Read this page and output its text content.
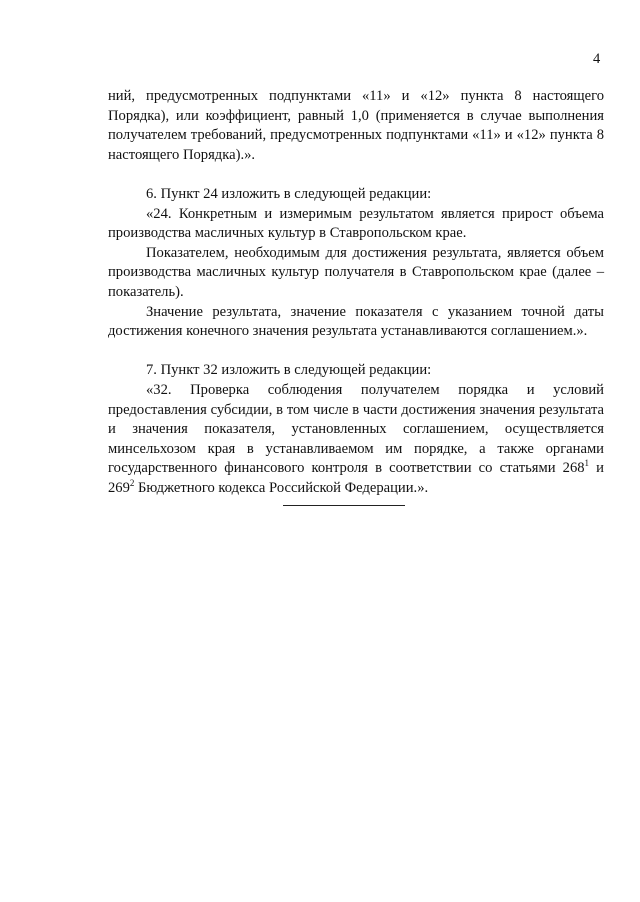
4

ний, предусмотренных подпунктами «11» и «12» пункта 8 настоящего Порядка), или коэффициент, равный 1,0 (применяется в случае выполнения получателем требований, предусмотренных подпунктами «11» и «12» пункта 8 настоящего Порядка).».

6. Пункт 24 изложить в следующей редакции:

«24. Конкретным и измеримым результатом является прирост объема производства масличных культур в Ставропольском крае.

Показателем, необходимым для достижения результата, является объем производства масличных культур получателя в Ставропольском крае (далее – показатель).

Значение результата, значение показателя с указанием точной даты достижения конечного значения результата устанавливаются соглашением.».

7. Пункт 32 изложить в следующей редакции:

«32. Проверка соблюдения получателем порядка и условий предоставления субсидии, в том числе в части достижения значения результата и значения показателя, установленных соглашением, осуществляется минсельхозом края в устанавливаемом им порядке, а также органами государственного финансового контроля в соответствии со статьями $268^1$ и $269^2$ Бюджетного кодекса Российской Федерации.».
